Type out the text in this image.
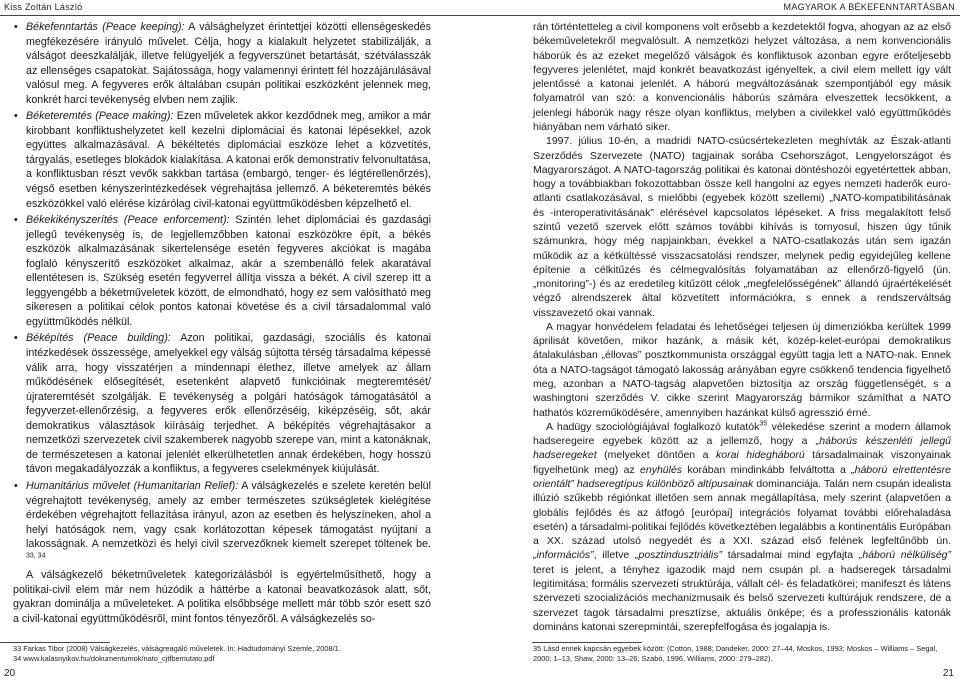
Kiss Zoltán László	MAGYAROK A BÉKEFENNTARTÁSBAN
• Békefenntartás (Peace keeping): A válsághelyzet érintettjei közötti ellenségeskedés megfékezésére irányuló művelet. Célja, hogy a kialakult helyzetet stabilizálják, a válságot deeszkalálják, illetve felügyeljék a fegyverszünet betartását, szétválasszák az ellenséges csapatokat. Sajátossága, hogy valamennyi érintett fél hozzájárulásával valósul meg. A fegyveres erők általában csupán politikai eszközként jelennek meg, konkrét harci tevékenység elvben nem zajlik.
• Béketeremtés (Peace making): Ezen műveletek akkor kezdődnek meg, amikor a már kirobbant konfliktushelyzetet kell kezelni diplomáciai és katonai lépésekkel, azok együttes alkalmazásával. A békéltetés diplomáciai eszköze lehet a közvetítés, tárgyalás, esetleges blokádok kialakítása. A katonai erők demonstratív felvonultatása, a konfliktusban részt vevők sakkban tartása (embargó, tenger- és légtérellenőrzés), végső esetben kényszerintézkedések végrehajtása jellemző. A béketeremtés békés eszközökkel való elérése kizárólag civil-katonai együttműködésben képzelhető el.
• Békekikényszerítés (Peace enforcement): Szintén lehet diplomáciai és gazdasági jellegű tevékenység is, de legjellemzőbben katonai eszközökre épít, a békés eszközök alkalmazásának sikertelensége esetén fegyveres akciókat is magába foglaló kényszerítő eszközöket alkalmaz, akár a szembenálló felek akaratával ellentétesen is. Szükség esetén fegyverrel állítja vissza a békét. A civil szerep itt a leggyengébb a béketműveletek között, de elmondható, hogy ez sem valósítható meg sikeresen a politikai célok pontos katonai követése és a civil társadalommal való együttműködés nélkül.
• Béképítés (Peace building): Azon politikai, gazdasági, szociális és katonai intézkedések összessége, amelyekkel egy válság sújtotta térség társadalma képessé válik arra, hogy visszatérjen a mindennapi élethez, illetve amelyek az állam működésének elősegítését, esetenként alapvető funkcióinak megteremtését/újrateremtését szolgálják. E tevékenység a polgári hatóságok támogatásától a fegyverzet-ellenőrzésig, a fegyveres erők ellenőrzéséig, kiképzéséig, sőt, akár demokratikus választások kiírásáig terjedhet. A béképítés végrehajtásakor a nemzetközi szervezetek civil szakemberek nagyobb szerepe van, mint a katonáknak, de természetesen a katonai jelenlét elkerülhetetlen annak érdekében, hogy hosszú távon megakadályozzák a konfliktus, a fegyveres cselekmények kiújulását.
• Humanitárius művelet (Humanitarian Relief): A válságkezelés e szelete keretén belül végrehajtott tevékenység, amely az ember természetes szükségletek kielégítése érdekében végrehajtott fellazítása irányul, azon az esetben és helyszíneken, ahol a helyi hatóságok nem, vagy csak korlátozottan képesek támogatást nyújtani a lakosságnak. A nemzetközi és helyi civil szervezőknek kiemelt szerepet töltenek be. $^{33, 34}$

A válságkezelő béketműveletek kategorizálásból is egyértelműsíthető, hogy a politikai-civil elem már nem húzódik a háttérbe a katonai beavatkozások alatt, sőt, gyakran dominálja a műveleteket. A politika elsőbbsége mellett már több szór esett szó a civil-katonai együttműködésről, mint fontos tényezőről. A válságkezelés so-

33 Farkas Tibor (2008) Válságkezelés, válságreagáló műveletek. In: Hadtudományi Szemle, 2008/1.
34 www.kalasnyikov.hu/dokumentumok/nato_cjtfbemutato.pdf

rán történtetteleg a civil komponens volt erősebb a kezdetektől fogva, ahogyan az az első békeműveletekről megvalósult. A nemzetközi helyzet változása, a nem konvencionális háborúk és az ezeket megelőző válságok és konfliktusok azonban egyre erőteljesebb fegyveres jelenlétet, majd konkrét beavatkozást igényeltek, a civil elem mellett így vált jelentőssé a katonai jelenlét. A háború megváltozásának szempontjából egy másik folyamatról van szó: a konvencionális háborús számára elveszettek lecsökkent, a jelenlegi háborúk nagy része olyan konfliktus, melyben a civilekkel való együttműködés hiányában nem várható siker.

1997. július 10-én, a madridi NATO-csúcsértekezleten meghívták az Észak-atlanti Szerződés Szervezete (NATO) tagjainak sorába Csehországot, Lengyelországot és Magyarországot. A NATO-tagország politikai és katonai döntéshozói egyetértettek abban, hogy a továbbiakban fokozottabban össze kell hangolni az egyes nemzeti haderők euro-atlanti csatlakozásával, s mielőbbi (egyebek között szellemi) „NATO-kompatibilitásának és -interoperativitásának” elérésével kapcsolatos lépéseket. A friss megalakított felső szintű vezető szervek előtt számos további kihívás is tornyosul, hiszen úgy tűnik számunkra, hogy még napjainkban, évekkel a NATO-csatlakozás után sem igazán működik az a kétkültéssé visszacsatolási rendszer, melynek pedig egyidejűleg kellene építenie a célkitűzés és célmegvalósítás folyamatában az ellenőrző-figyelő (ún. „monitoring”-) és az eredetileg kitűzött célok „megfelelősségének” állandó újraértékelését végző alrendszerek által közvetített információkra, s ennek a rendszerváltság visszavezető okai vannak.

A magyar honvédelem feladatai és lehetőségei teljesen új dimenziókba kerültek 1999 áprilisát követően, mikor hazánk, a másik két, közép-kelet-európai demokratikus átalakulásban „éllovas” posztkommunista országgal együtt tagja lett a NATO-nak. Ennek óta a NATO-tagságot támogató lakosság arányában egyre csökkenő tendencia figyelhető meg, azonban a NATO-tagság alapvetően biztosítja az ország függetlenségét, s a washingtoni szerződés V. cikke szerint Magyarország bármikor számíthat a NATO hathatós közreműködésére, amennyiben hazánkat külső agresszió érné.

A hadügy szociológiájával foglalkozó kutatók$^{35}$ vélekedése szerint a modern államok hadseregeire egyebek között az a jellemző, hogy a „háborús készenléti jellegű hadseregeket (melyeket döntően a korai hidegháború társadalmainak viszonyainak figyelhetünk meg) az enyhülés korában mindinkább felváltotta a „háború elrettentésre orientált” hadseregtípus különböző altípusainak dominanciája. Talán nem csupán idealista illúzió szűkebb régiónkat illetően sem annak megállapítása, mely szerint (alapvetően a globális fejlődés és az átfogó [európai] integrációs folyamat további előrehaladása esetén) a társadalmi-politikai fejlődés következtében legalábbis a kontinentális Európában a XX. század utolsó negyedét és a XXI. század első felének legfeltűnőbb ún. „információs”, illetve „posztindusztriális” társadalmai mind egyfajta „háború nélküliség” teret is jelent, a tényhez igazodik majd nem csupán pl. a hadseregek társadalmi legitimitása; formális szervezeti struktúrája, vállalt cél- és feladatkörei; manifeszt és látens szervezeti szocializációs mechanizmusaik és belső szervezeti kultúrájuk rendszere, de a szervezet tagok társadalmi presztízse, aktuális önképe; és a professzionális katonák domináns katonai szerepmintái, szerepfelfogása és jogalapja is.

35 Lásd ennek kapcsán egyebek között: (Cotton, 1988; Dandeker, 2000: 27–44, Moskos, 1993; Moskos – Williams – Segal, 2000: 1–13, Shaw, 2000: 13–26; Szabó, 1996, Williams, 2000: 279–282).
20	21
